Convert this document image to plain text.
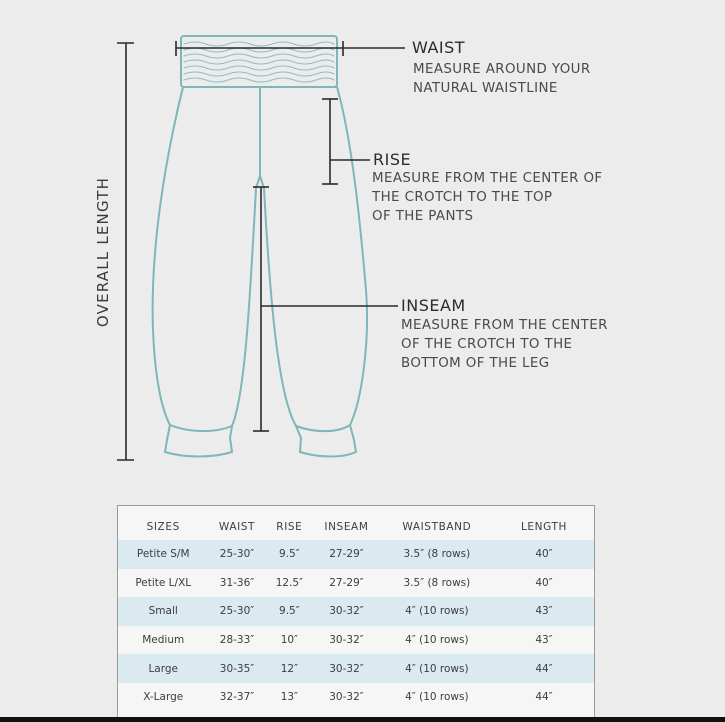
OVERALL LENGTH

WAIST

MEASURE AROUND YOUR

NATURAL WAISTLINE

RISE

MEASURE FROM THE CENTER OF

THE CROTCH TO THE TOP

OF THE PANTS

INSEAM

MEASURE FROM THE CENTER

OF THE CROTCH TO THE

BOTTOM OF THE LEG

SIZES	WAIST	RISE	INSEAM	WAISTBAND	LENGTH
Petite S/M	25-30″	9.5″	27-29″	3.5″ (8 rows)	40″
Petite L/XL	31-36″	12.5″	27-29″	3.5″ (8 rows)	40″
Small	25-30″	9.5″	30-32″	4″ (10 rows)	43″
Medium	28-33″	10″	30-32″	4″ (10 rows)	43″
Large	30-35″	12″	30-32″	4″ (10 rows)	44″
X-Large	32-37″	13″	30-32″	4″ (10 rows)	44″
